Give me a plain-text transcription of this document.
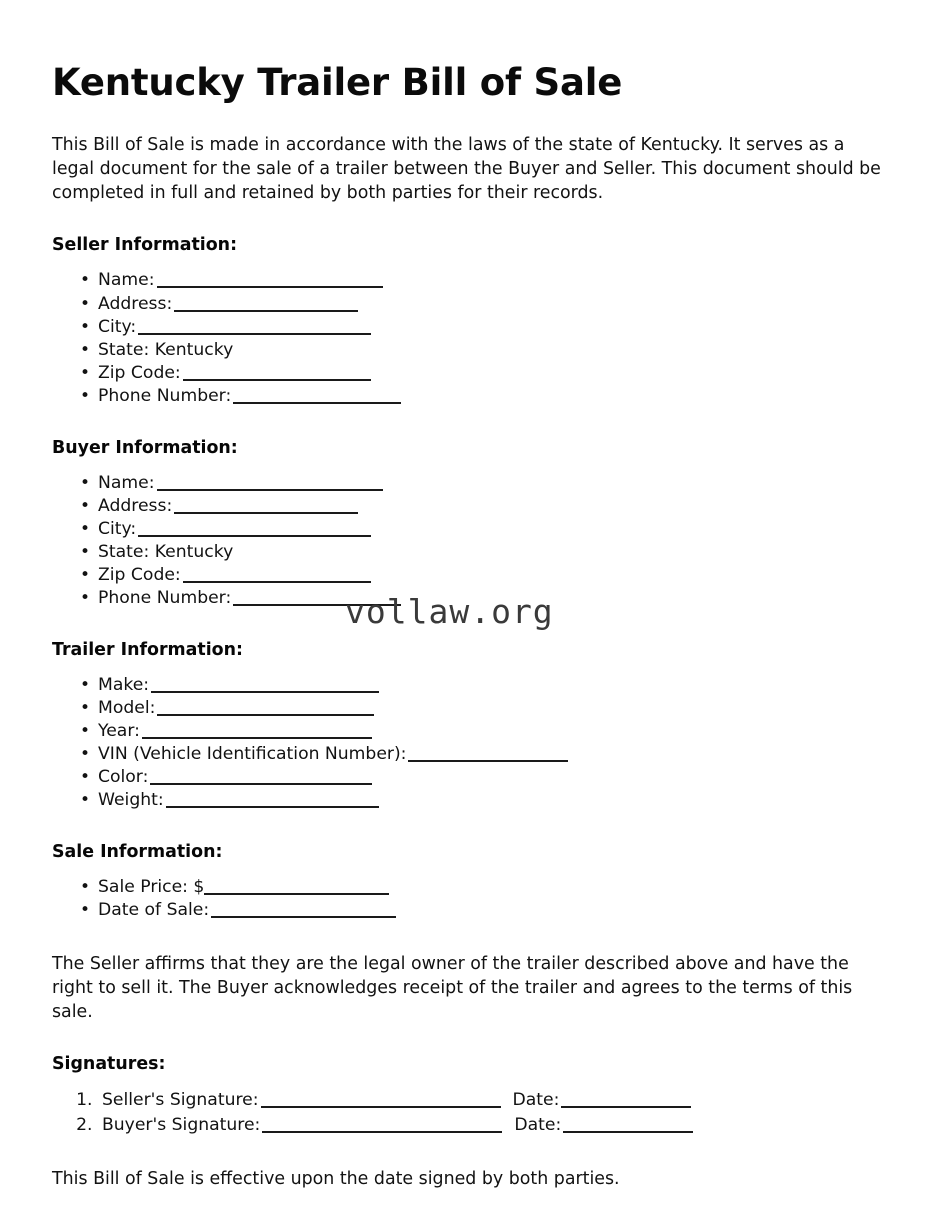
Kentucky Trailer Bill of Sale

This Bill of Sale is made in accordance with the laws of the state of Kentucky. It serves as a legal document for the sale of a trailer between the Buyer and Seller. This document should be completed in full and retained by both parties for their records.

Seller Information:
• Name:
• Address:
• City:
• State: Kentucky
• Zip Code:
• Phone Number:
Buyer Information:
• Name:
• Address:
• City:
• State: Kentucky
• Zip Code:
• Phone Number:
Trailer Information:
• Make:
• Model:
• Year:
• VIN (Vehicle Identification Number):
• Color:
• Weight:
Sale Information:
• Sale Price: $
• Date of Sale:

The Seller affirms that they are the legal owner of the trailer described above and have the right to sell it. The Buyer acknowledges receipt of the trailer and agrees to the terms of this sale.

Signatures:
1. Seller's Signature:	Date:
2. Buyer's Signature:	Date:

This Bill of Sale is effective upon the date signed by both parties.

vollaw.org
